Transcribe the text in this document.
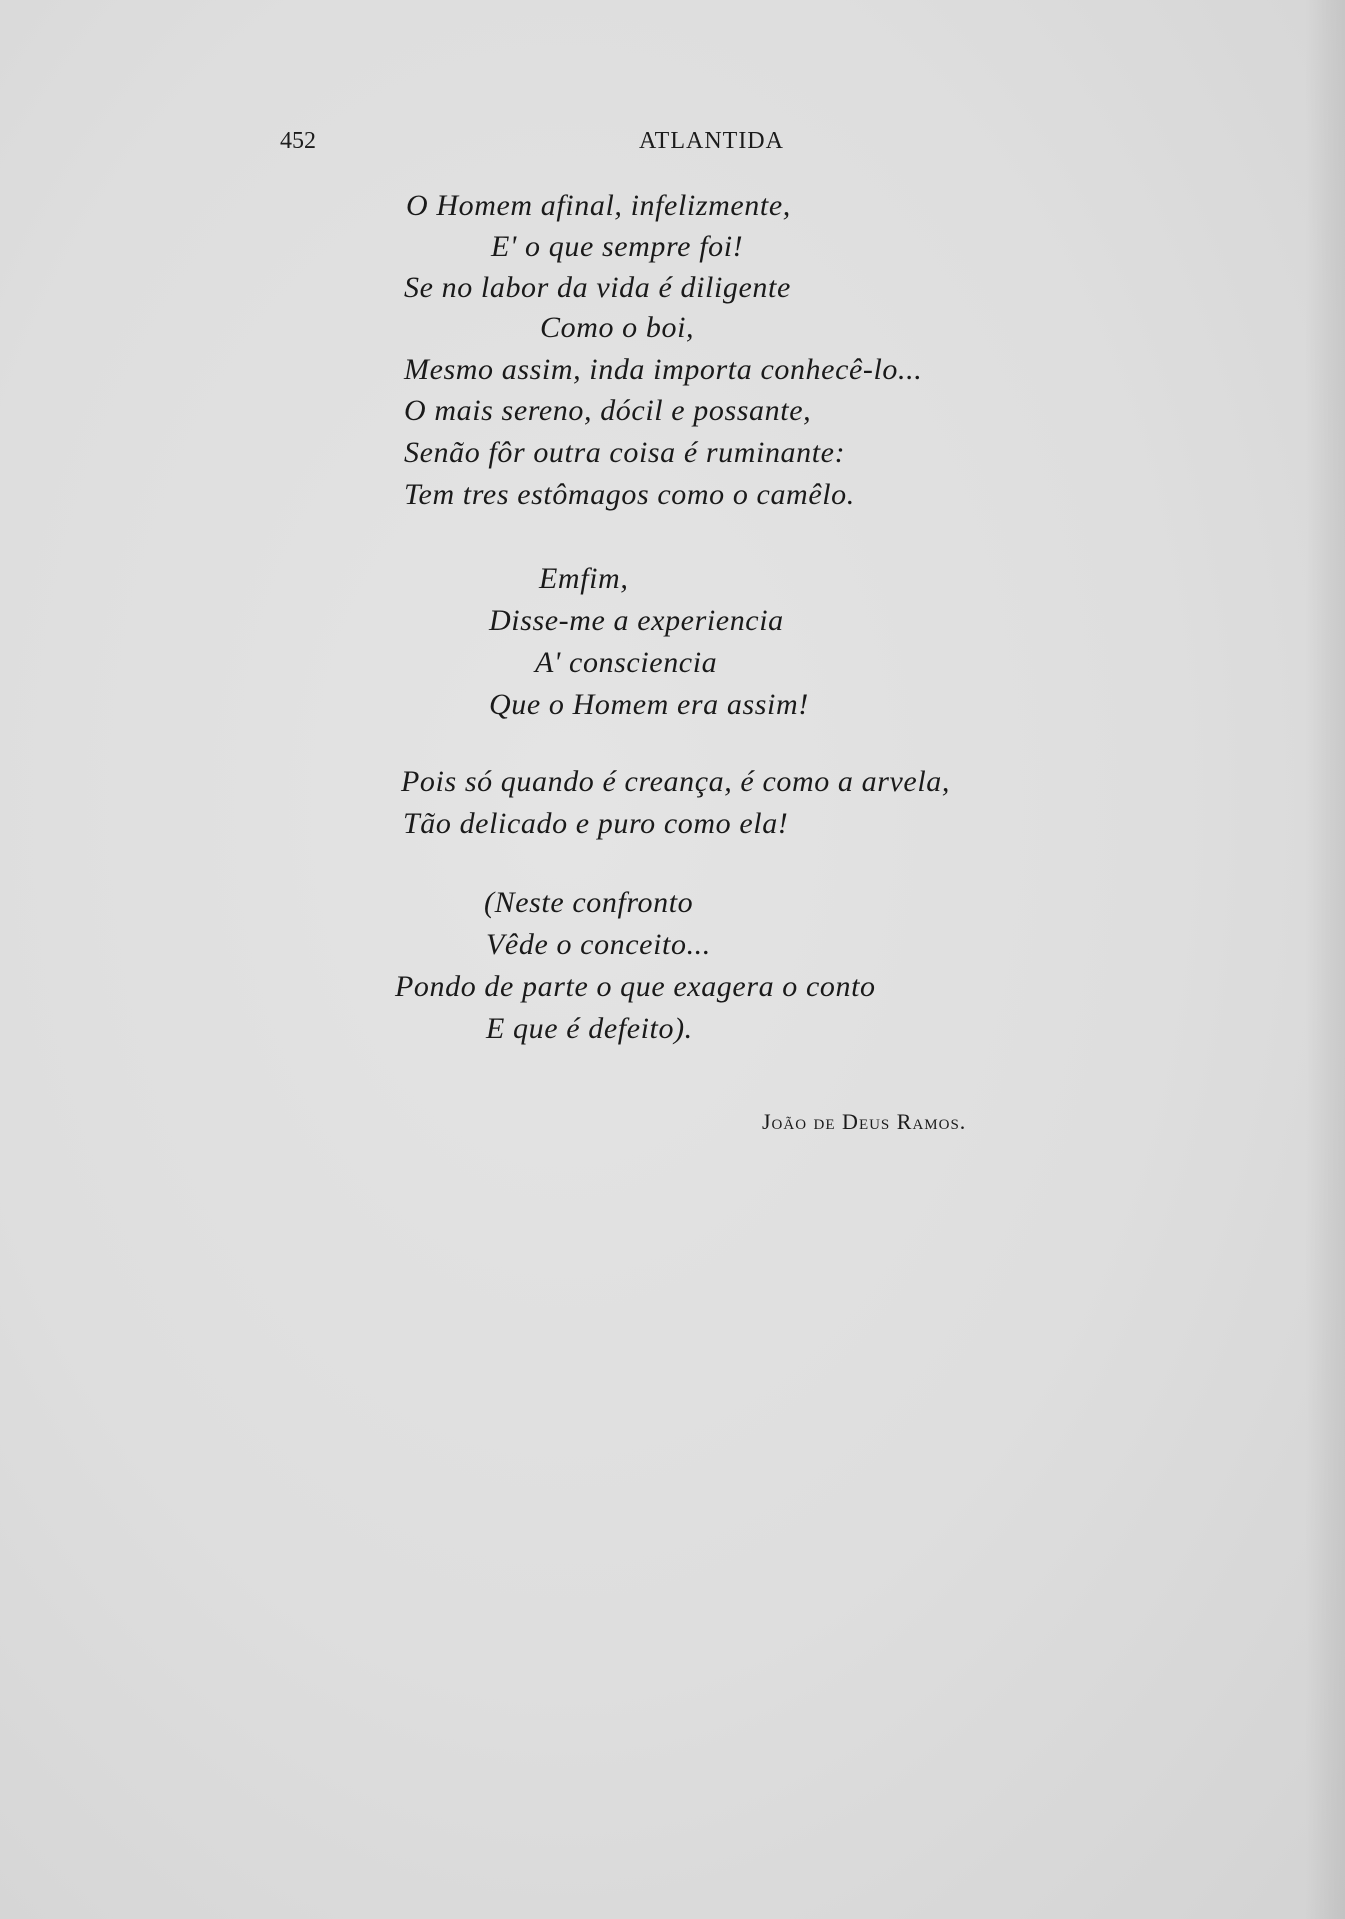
452	ATLANTIDA
O Homem afinal, infelizmente,
E' o que sempre foi!
Se no labor da vida é diligente
Como o boi,
Mesmo assim, inda importa conhecê-lo...
O mais sereno, dócil e possante,
Senão fôr outra coisa é ruminante:
Tem tres estômagos como o camêlo.
Emfim,
Disse-me a experiencia
A' consciencia
Que o Homem era assim!
Pois só quando é creança, é como a arvela,
Tão delicado e puro como ela!
(Neste confronto
Vêde o conceito...
Pondo de parte o que exagera o conto
E que é defeito).
João de Deus Ramos.
